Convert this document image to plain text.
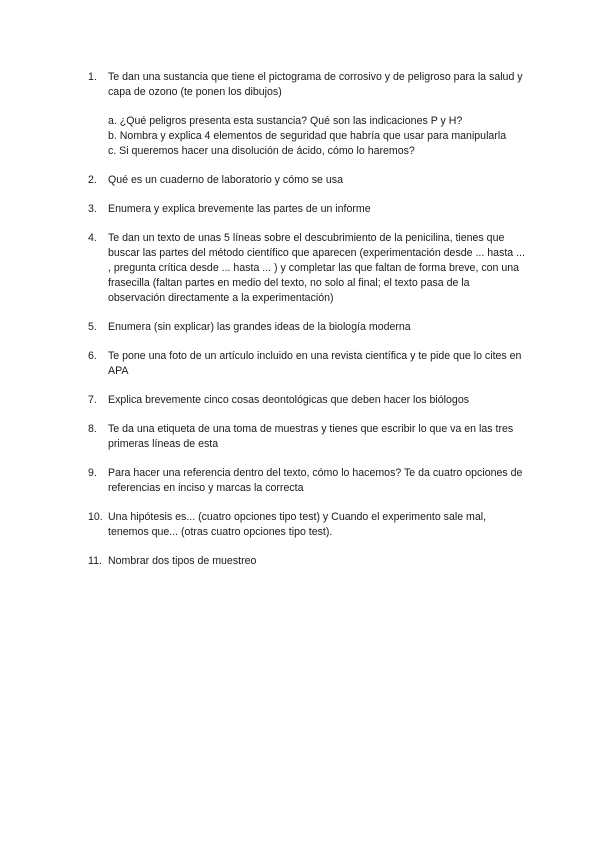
1. Te dan una sustancia que tiene el pictograma de corrosivo y de peligroso para la salud y capa de ozono (te ponen los dibujos)
a. ¿Qué peligros presenta esta sustancia? Qué son las indicaciones P y H?
b. Nombra y explica 4 elementos de seguridad que habría que usar para manipularla
c. Si queremos hacer una disolución de ácido, cómo lo haremos?
2. Qué es un cuaderno de laboratorio y cómo se usa
3. Enumera y explica brevemente las partes de un informe
4. Te dan un texto de unas 5 líneas sobre el descubrimiento de la penicilina, tienes que buscar las partes del método científico que aparecen (experimentación desde ... hasta ... , pregunta crítica desde ... hasta ... ) y completar las que faltan de forma breve, con una frasecilla (faltan partes en medio del texto, no solo al final; el texto pasa de la observación directamente a la experimentación)
5. Enumera (sin explicar) las grandes ideas de la biología moderna
6. Te pone una foto de un artículo incluido en una revista científica y te pide que lo cites en APA
7. Explica brevemente cinco cosas deontológicas que deben hacer los biólogos
8. Te da una etiqueta de una toma de muestras y tienes que escribir lo que va en las tres primeras líneas de esta
9. Para hacer una referencia dentro del texto, cómo lo hacemos? Te da cuatro opciones de referencias en inciso y marcas la correcta
10. Una hipótesis es... (cuatro opciones tipo test) y Cuando el experimento sale mal, tenemos que... (otras cuatro opciones tipo test).
11. Nombrar dos tipos de muestreo
